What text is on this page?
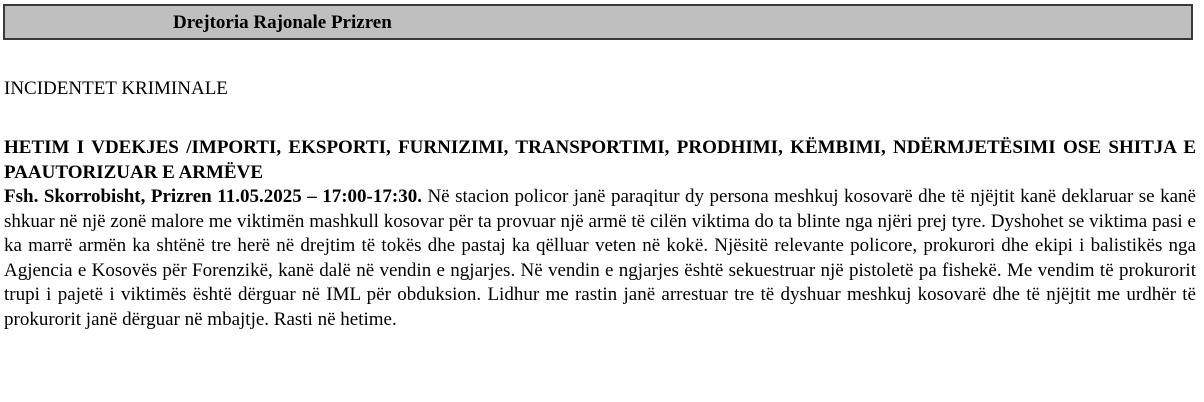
Drejtoria Rajonale Prizren
INCIDENTET KRIMINALE
HETIM I VDEKJES /IMPORTI, EKSPORTI, FURNIZIMI, TRANSPORTIMI, PRODHIMI, KËMBIMI, NDËRMJETËSIMI OSE SHITJA E PAAUTORIZUAR E ARMËVE
Fsh. Skorrobisht, Prizren 11.05.2025 – 17:00-17:30. Në stacion policor janë paraqitur dy persona meshkuj kosovarë dhe të njëjtit kanë deklaruar se kanë shkuar në një zonë malore me viktimën mashkull kosovar për ta provuar një armë të cilën viktima do ta blinte nga njëri prej tyre. Dyshohet se viktima pasi e ka marrë armën ka shtënë tre herë në drejtim të tokës dhe pastaj ka qëlluar veten në kokë. Njësitë relevante policore, prokurori dhe ekipi i balistikës nga Agjencia e Kosovës për Forenzikë, kanë dalë në vendin e ngjarjes. Në vendin e ngjarjes është sekuestruar një pistoletë pa fishekë. Me vendim të prokurorit trupi i pajetë i viktimës është dërguar në IML për obduksion. Lidhur me rastin janë arrestuar tre të dyshuar meshkuj kosovarë dhe të njëjtit me urdhër të prokurorit janë dërguar në mbajtje. Rasti në hetime.
